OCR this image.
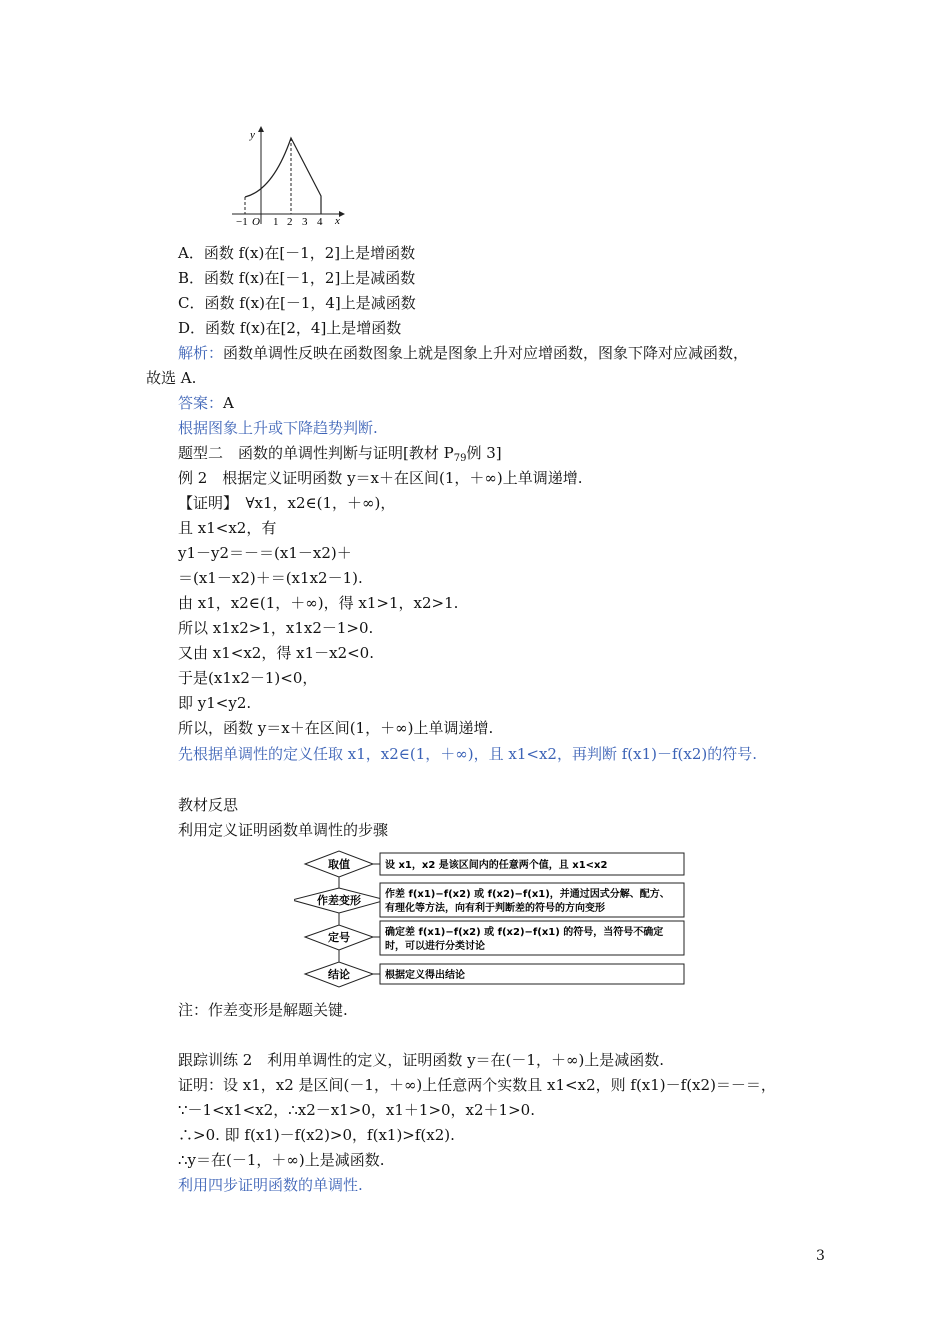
y
x
O
−1 1 2 3 4
A．函数 f(x)在[－1，2]上是增函数
B．函数 f(x)在[－1，2]上是减函数
C．函数 f(x)在[－1，4]上是减函数
D．函数 f(x)在[2，4]上是增函数
解析：函数单调性反映在函数图象上就是图象上升对应增函数，图象下降对应减函数，
故选 A.
答案：A
根据图象上升或下降趋势判断.
题型二　函数的单调性判断与证明[教材 $P_{79}$例 3]
例 2　根据定义证明函数 y＝x＋在区间(1，＋∞)上单调递增.
【证明】　∀x1，x2∈(1，＋∞)，
且 x1<x2，有
y1－y2＝－＝(x1－x2)＋
＝(x1－x2)＋＝(x1x2－1).
由 x1，x2∈(1，＋∞)，得 x1>1，x2>1.
所以 x1x2>1，x1x2－1>0.
又由 x1<x2，得 x1－x2<0.
于是(x1x2－1)<0，
即 y1<y2.
所以，函数 y＝x＋在区间(1，＋∞)上单调递增.
先根据单调性的定义任取 x1，x2∈(1，＋∞)，且 x1<x2，再判断 f(x1)－f(x2)的符号.
教材反思
利用定义证明函数单调性的步骤
取值	设 x1，x2 是该区间内的任意两个值，且 x1<x2
作差变形 作差 f(x1)−f(x2) 或 f(x2)−f(x1)，并通过因式分解、配方、
有理化等方法，向有利于判断差的符号的方向变形
定号	确定差 f(x1)−f(x2) 或 f(x2)−f(x1) 的符号，当符号不确定
时，可以进行分类讨论
结论	根据定义得出结论
注：作差变形是解题关键.
跟踪训练 2　利用单调性的定义，证明函数 y＝在(－1，＋∞)上是减函数.
证明：设 x1，x2 是区间(－1，＋∞)上任意两个实数且 x1<x2，则 f(x1)－f(x2)＝－＝，
∵－1<x1<x2，∴x2－x1>0，x1＋1>0，x2＋1>0.
∴>0. 即 f(x1)－f(x2)>0，f(x1)>f(x2).
∴y＝在(－1，＋∞)上是减函数.
利用四步证明函数的单调性.
3
